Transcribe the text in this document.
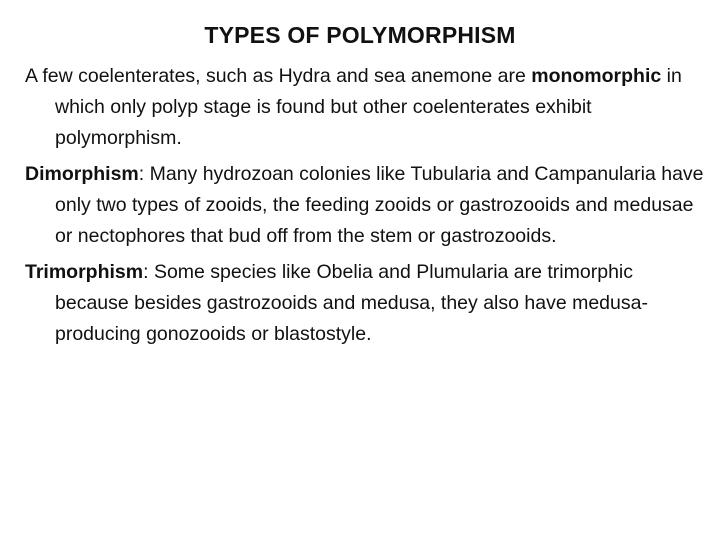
TYPES OF POLYMORPHISM

A few coelenterates, such as Hydra and sea anemone are monomorphic in which only polyp stage is found but other coelenterates exhibit polymorphism.

Dimorphism: Many hydrozoan colonies like Tubularia and Campanularia have only two types of zooids, the feeding zooids or gastrozooids and medusae or nectophores that bud off from the stem or gastrozooids.

Trimorphism: Some species like Obelia and Plumularia are trimorphic because besides gastrozooids and medusa, they also have medusa-producing gonozooids or blastostyle.
